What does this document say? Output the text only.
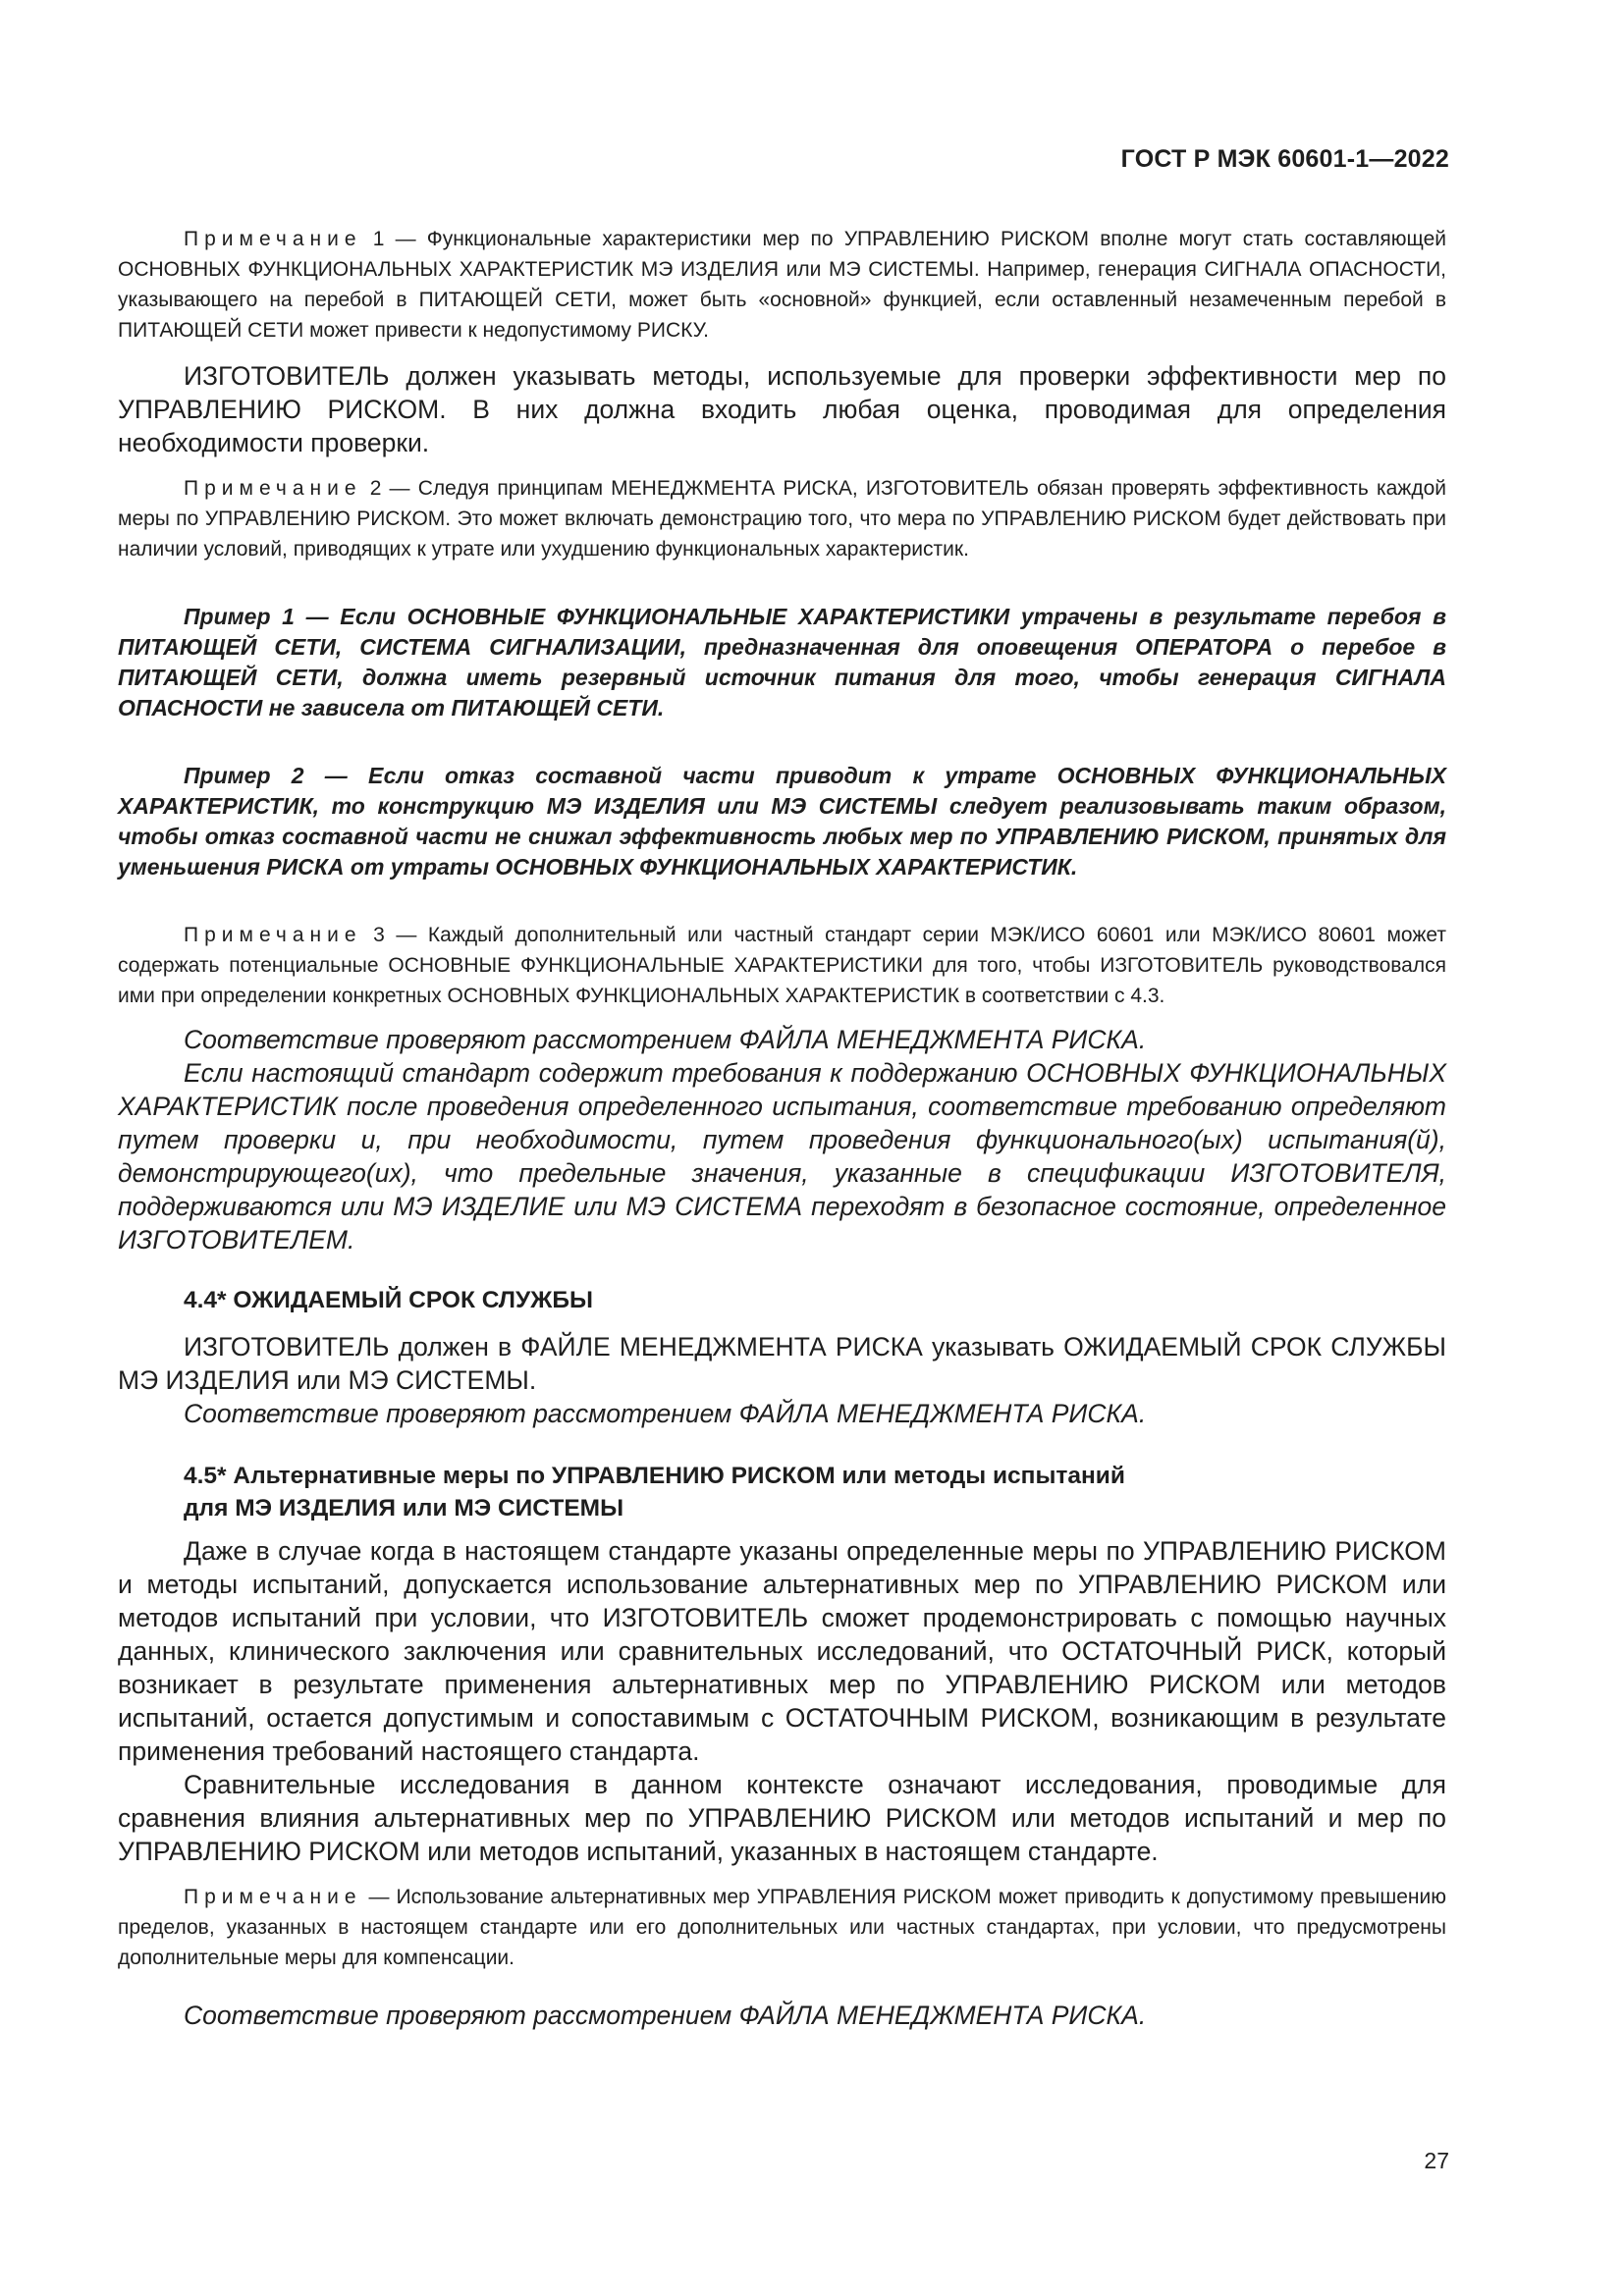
ГОСТ Р МЭК 60601-1—2022

Примечание 1 — Функциональные характеристики мер по УПРАВЛЕНИЮ РИСКОМ вполне могут стать составляющей ОСНОВНЫХ ФУНКЦИОНАЛЬНЫХ ХАРАКТЕРИСТИК МЭ ИЗДЕЛИЯ или МЭ СИСТЕМЫ. Например, генерация СИГНАЛА ОПАСНОСТИ, указывающего на перебой в ПИТАЮЩЕЙ СЕТИ, может быть «основной» функцией, если оставленный незамеченным перебой в ПИТАЮЩЕЙ СЕТИ может привести к недопустимому РИСКУ.

ИЗГОТОВИТЕЛЬ должен указывать методы, используемые для проверки эффективности мер по УПРАВЛЕНИЮ РИСКОМ. В них должна входить любая оценка, проводимая для определения необходимости проверки.

Примечание 2 — Следуя принципам МЕНЕДЖМЕНТА РИСКА, ИЗГОТОВИТЕЛЬ обязан проверять эффективность каждой меры по УПРАВЛЕНИЮ РИСКОМ. Это может включать демонстрацию того, что мера по УПРАВЛЕНИЮ РИСКОМ будет действовать при наличии условий, приводящих к утрате или ухудшению функциональных характеристик.

Пример 1 — Если ОСНОВНЫЕ ФУНКЦИОНАЛЬНЫЕ ХАРАКТЕРИСТИКИ утрачены в результате перебоя в ПИТАЮЩЕЙ СЕТИ, СИСТЕМА СИГНАЛИЗАЦИИ, предназначенная для оповещения ОПЕРАТОРА о перебое в ПИТАЮЩЕЙ СЕТИ, должна иметь резервный источник питания для того, чтобы генерация СИГНАЛА ОПАСНОСТИ не зависела от ПИТАЮЩЕЙ СЕТИ.

Пример 2 — Если отказ составной части приводит к утрате ОСНОВНЫХ ФУНКЦИОНАЛЬНЫХ ХАРАКТЕРИСТИК, то конструкцию МЭ ИЗДЕЛИЯ или МЭ СИСТЕМЫ следует реализовывать таким образом, чтобы отказ составной части не снижал эффективность любых мер по УПРАВЛЕНИЮ РИСКОМ, принятых для уменьшения РИСКА от утраты ОСНОВНЫХ ФУНКЦИОНАЛЬНЫХ ХАРАКТЕРИСТИК.

Примечание 3 — Каждый дополнительный или частный стандарт серии МЭК/ИСО 60601 или МЭК/ИСО 80601 может содержать потенциальные ОСНОВНЫЕ ФУНКЦИОНАЛЬНЫЕ ХАРАКТЕРИСТИКИ для того, чтобы ИЗГОТОВИТЕЛЬ руководствовался ими при определении конкретных ОСНОВНЫХ ФУНКЦИОНАЛЬНЫХ ХАРАКТЕРИСТИК в соответствии с 4.3.

Соответствие проверяют рассмотрением ФАЙЛА МЕНЕДЖМЕНТА РИСКА.

Если настоящий стандарт содержит требования к поддержанию ОСНОВНЫХ ФУНКЦИОНАЛЬНЫХ ХАРАКТЕРИСТИК после проведения определенного испытания, соответствие требованию определяют путем проверки и, при необходимости, путем проведения функционального(ых) испытания(й), демонстрирующего(их), что предельные значения, указанные в спецификации ИЗГОТОВИТЕЛЯ, поддерживаются или МЭ ИЗДЕЛИЕ или МЭ СИСТЕМА переходят в безопасное состояние, определенное ИЗГОТОВИТЕЛЕМ.

4.4* ОЖИДАЕМЫЙ СРОК СЛУЖБЫ

ИЗГОТОВИТЕЛЬ должен в ФАЙЛЕ МЕНЕДЖМЕНТА РИСКА указывать ОЖИДАЕМЫЙ СРОК СЛУЖБЫ МЭ ИЗДЕЛИЯ или МЭ СИСТЕМЫ.

Соответствие проверяют рассмотрением ФАЙЛА МЕНЕДЖМЕНТА РИСКА.

4.5* Альтернативные меры по УПРАВЛЕНИЮ РИСКОМ или методы испытаний

для МЭ ИЗДЕЛИЯ или МЭ СИСТЕМЫ

Даже в случае когда в настоящем стандарте указаны определенные меры по УПРАВЛЕНИЮ РИСКОМ и методы испытаний, допускается использование альтернативных мер по УПРАВЛЕНИЮ РИСКОМ или методов испытаний при условии, что ИЗГОТОВИТЕЛЬ сможет продемонстрировать с помощью научных данных, клинического заключения или сравнительных исследований, что ОСТАТОЧНЫЙ РИСК, который возникает в результате применения альтернативных мер по УПРАВЛЕНИЮ РИСКОМ или методов испытаний, остается допустимым и сопоставимым с ОСТАТОЧНЫМ РИСКОМ, возникающим в результате применения требований настоящего стандарта.

Сравнительные исследования в данном контексте означают исследования, проводимые для сравнения влияния альтернативных мер по УПРАВЛЕНИЮ РИСКОМ или методов испытаний и мер по УПРАВЛЕНИЮ РИСКОМ или методов испытаний, указанных в настоящем стандарте.

Примечание — Использование альтернативных мер УПРАВЛЕНИЯ РИСКОМ может приводить к допустимому превышению пределов, указанных в настоящем стандарте или его дополнительных или частных стандартах, при условии, что предусмотрены дополнительные меры для компенсации.

Соответствие проверяют рассмотрением ФАЙЛА МЕНЕДЖМЕНТА РИСКА.

27
